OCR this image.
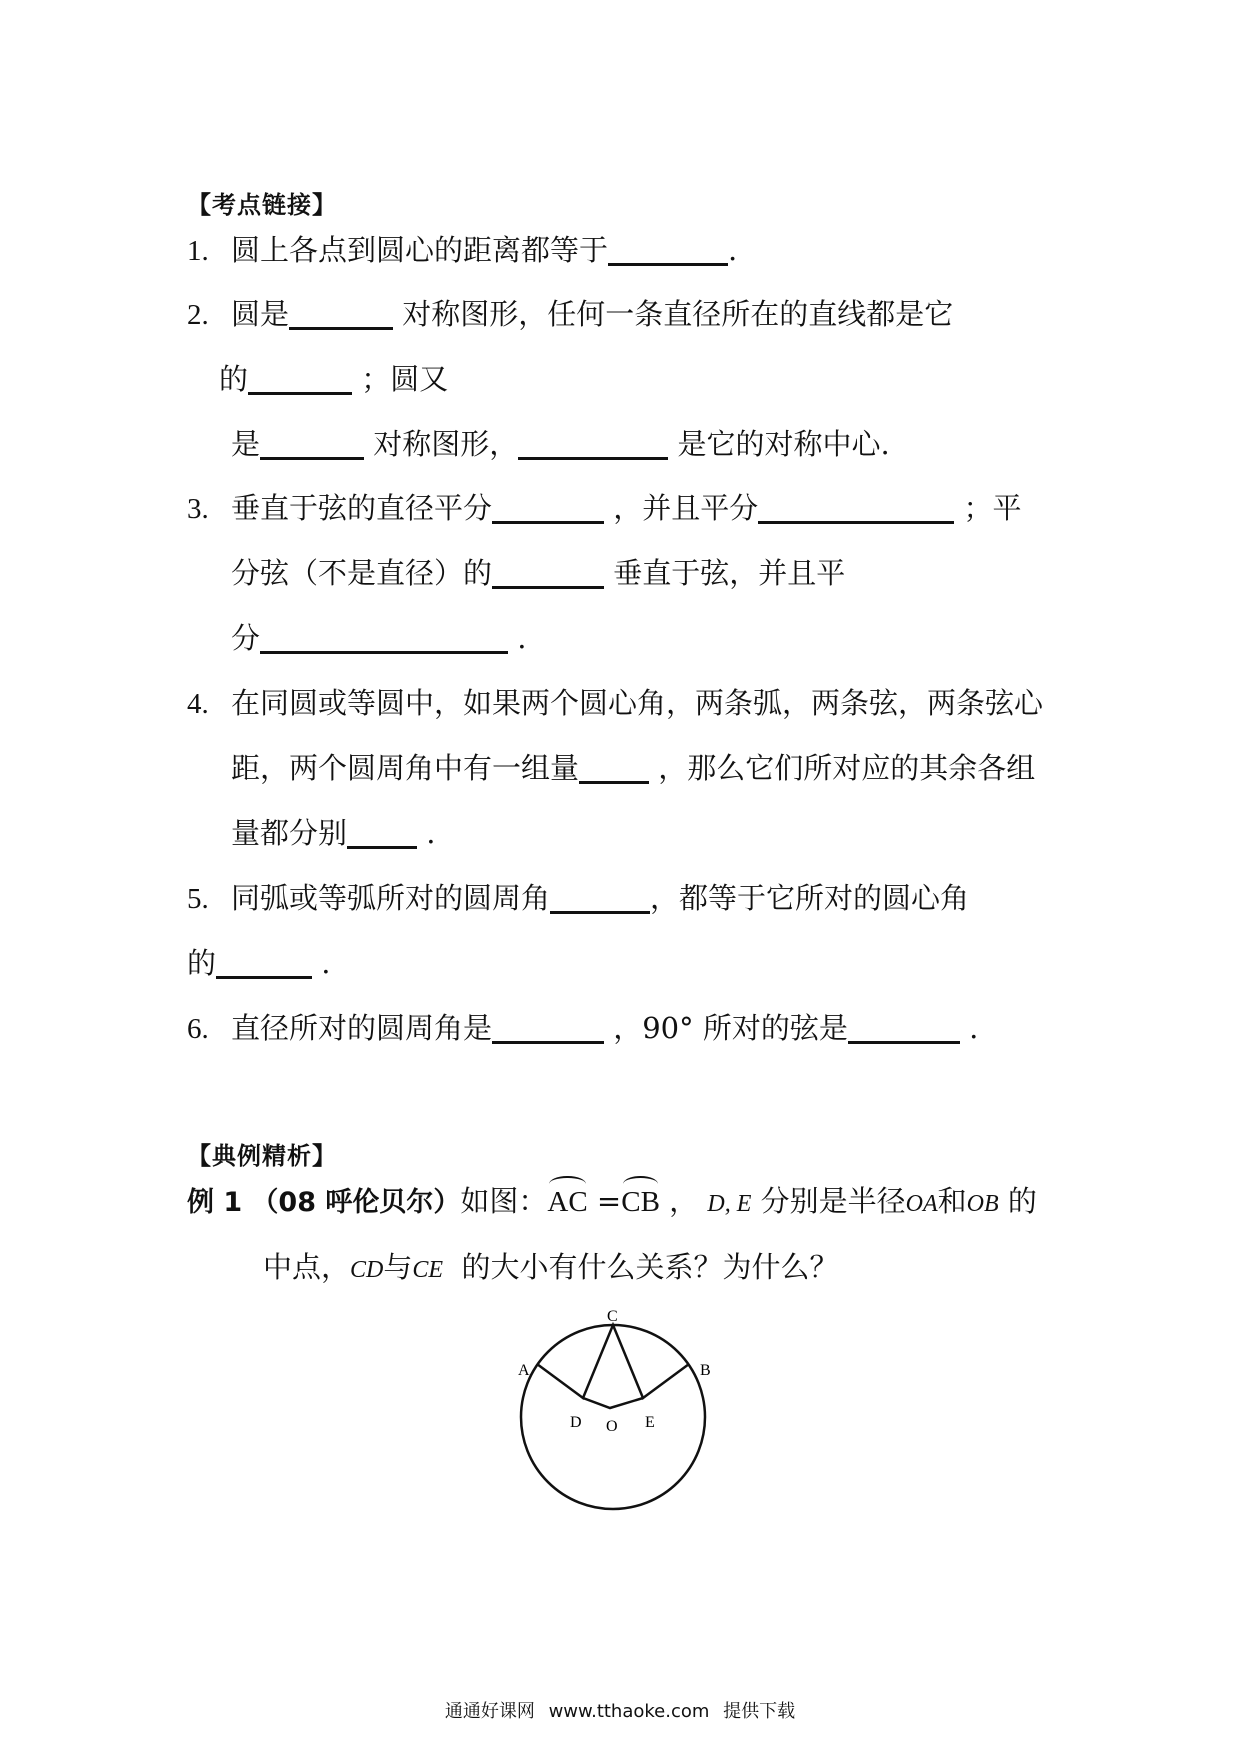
【考点链接】
1. 圆上各点到圆心的距离都等于	.
2. 圆是	对称图形，任何一条直径所在的直线都是它
的	；圆又
是	对称图形，	是它的对称中心.
3. 垂直于弦的直径平分	，并且平分	；平
分弦（不是直径）的	垂直于弦，并且平
分	.
4. 在同圆或等圆中，如果两个圆心角，两条弧，两条弦，两条弦心
距，两个圆周角中有一组量	，那么它们所对应的其余各组
量都分别	.
5. 同弧或等弧所对的圆周角	，都等于它所对的圆心角
的	.
6. 直径所对的圆周角是	，90° 所对的弦是	.
【典例精析】
例 1 （08 呼伦贝尔）如图：AC =CB ， D, E 分别是半径OA和OB 的
中点，CD与CE 的大小有什么关系？为什么？
C
A	B
D O E
通通好课网 www.tthaoke.com 提供下载
